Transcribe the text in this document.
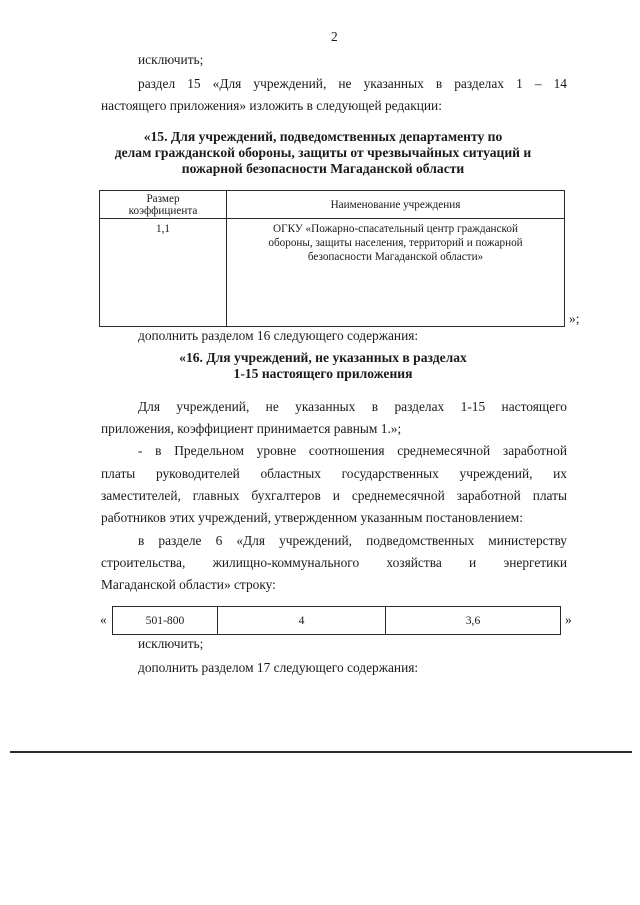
2
исключить;
раздел 15 «Для учреждений, не указанных в разделах 1 – 14
настоящего приложения» изложить в следующей редакции:
«15. Для учреждений, подведомственных департаменту по
делам гражданской обороны, защиты от чрезвычайных ситуаций и
пожарной безопасности Магаданской области
Размер
коэффициента	Наименование учреждения
1,1	ОГКУ «Пожарно-спасательный центр гражданской
обороны, защиты населения, территорий и пожарной
безопасности Магаданской области»
»;
дополнить разделом 16 следующего содержания:
«16. Для учреждений, не указанных в разделах
1-15 настоящего приложения
Для учреждений, не указанных в разделах 1-15 настоящего
приложения, коэффициент принимается равным 1.»;
- в Предельном уровне соотношения среднемесячной заработной
платы руководителей областных государственных учреждений, их
заместителей, главных бухгалтеров и среднемесячной заработной платы
работников этих учреждений, утвержденном указанным постановлением:
в разделе 6 «Для учреждений, подведомственных министерству
строительства, жилищно-коммунального хозяйства и энергетики
Магаданской области» строку:
«	501-800	4	3,6	»
исключить;
дополнить разделом 17 следующего содержания:
